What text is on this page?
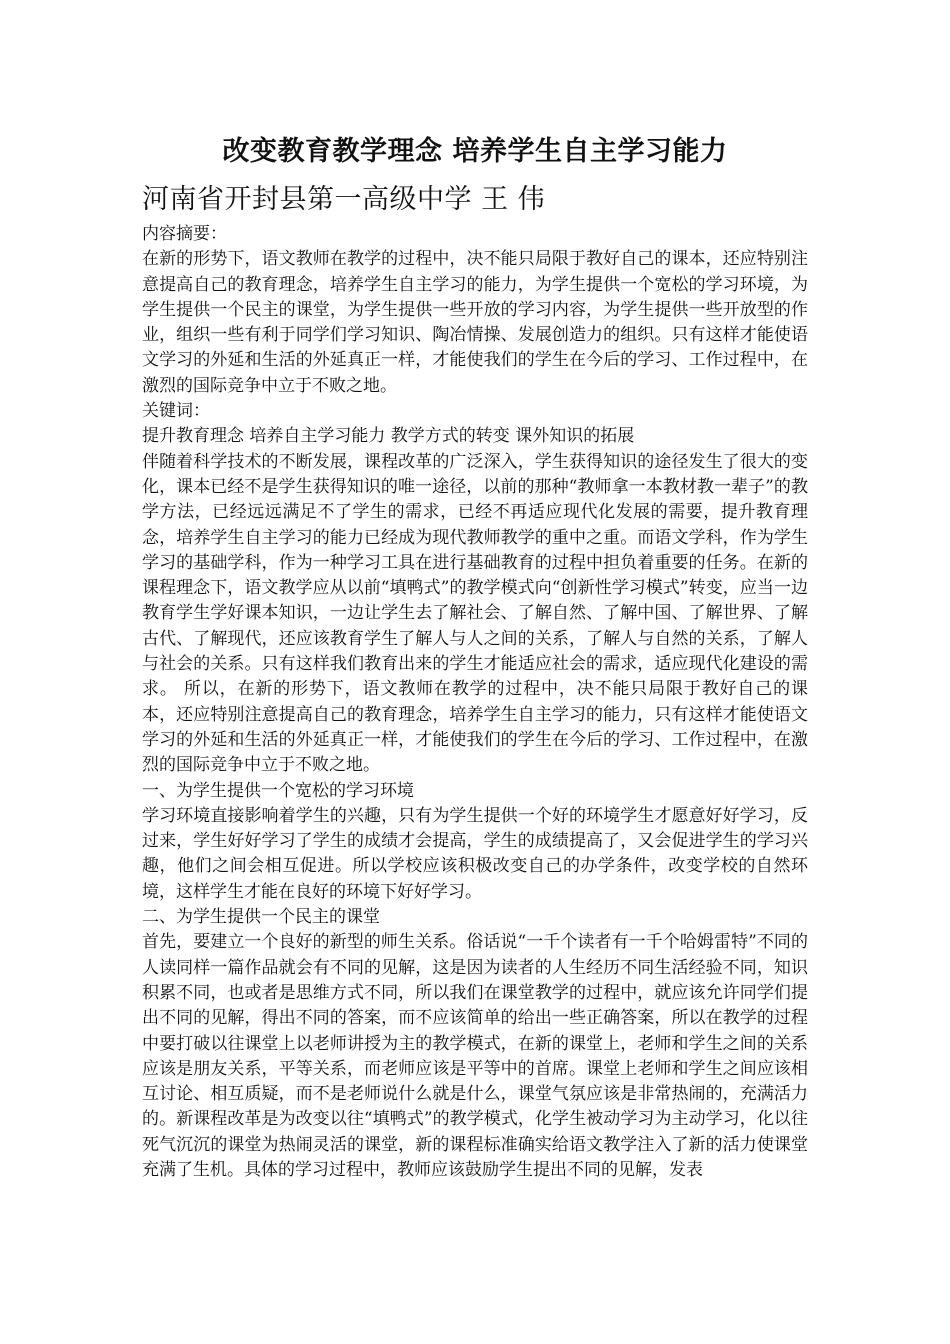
改变教育教学理念 培养学生自主学习能力
河南省开封县第一高级中学 王 伟

内容摘要：

在新的形势下，语文教师在教学的过程中，决不能只局限于教好自己的课本，还应特别注意提高自己的教育理念，培养学生自主学习的能力，为学生提供一个宽松的学习环境，为学生提供一个民主的课堂，为学生提供一些开放的学习内容，为学生提供一些开放型的作业，组织一些有利于同学们学习知识、陶冶情操、发展创造力的组织。只有这样才能使语文学习的外延和生活的外延真正一样，才能使我们的学生在今后的学习、工作过程中，在激烈的国际竞争中立于不败之地。

关键词：

提升教育理念 培养自主学习能力 教学方式的转变 课外知识的拓展

伴随着科学技术的不断发展，课程改革的广泛深入，学生获得知识的途径发生了很大的变化，课本已经不是学生获得知识的唯一途径，以前的那种“教师拿一本教材教一辈子”的教学方法，已经远远满足不了学生的需求，已经不再适应现代化发展的需要，提升教育理念，培养学生自主学习的能力已经成为现代教师教学的重中之重。而语文学科，作为学生学习的基础学科，作为一种学习工具在进行基础教育的过程中担负着重要的任务。在新的课程理念下，语文教学应从以前“填鸭式”的教学模式向“创新性学习模式”转变，应当一边教育学生学好课本知识，一边让学生去了解社会、了解自然、了解中国、了解世界、了解古代、了解现代，还应该教育学生了解人与人之间的关系，了解人与自然的关系，了解人与社会的关系。只有这样我们教育出来的学生才能适应社会的需求，适应现代化建设的需求。 所以，在新的形势下，语文教师在教学的过程中，决不能只局限于教好自己的课本，还应特别注意提高自己的教育理念，培养学生自主学习的能力，只有这样才能使语文学习的外延和生活的外延真正一样，才能使我们的学生在今后的学习、工作过程中，在激烈的国际竞争中立于不败之地。

一、为学生提供一个宽松的学习环境

学习环境直接影响着学生的兴趣，只有为学生提供一个好的环境学生才愿意好好学习，反过来，学生好好学习了学生的成绩才会提高，学生的成绩提高了，又会促进学生的学习兴趣，他们之间会相互促进。所以学校应该积极改变自己的办学条件，改变学校的自然环境，这样学生才能在良好的环境下好好学习。

二、为学生提供一个民主的课堂

首先，要建立一个良好的新型的师生关系。俗话说“一千个读者有一千个哈姆雷特”不同的人读同样一篇作品就会有不同的见解，这是因为读者的人生经历不同生活经验不同，知识积累不同，也或者是思维方式不同，所以我们在课堂教学的过程中，就应该允许同学们提出不同的见解，得出不同的答案，而不应该简单的给出一些正确答案，所以在教学的过程中要打破以往课堂上以老师讲授为主的教学模式，在新的课堂上，老师和学生之间的关系应该是朋友关系，平等关系，而老师应该是平等中的首席。课堂上老师和学生之间应该相互讨论、相互质疑，而不是老师说什么就是什么，课堂气氛应该是非常热闹的，充满活力的。新课程改革是为改变以往“填鸭式”的教学模式，化学生被动学习为主动学习，化以往死气沉沉的课堂为热闹灵活的课堂，新的课程标准确实给语文教学注入了新的活力使课堂充满了生机。具体的学习过程中，教师应该鼓励学生提出不同的见解，发表
